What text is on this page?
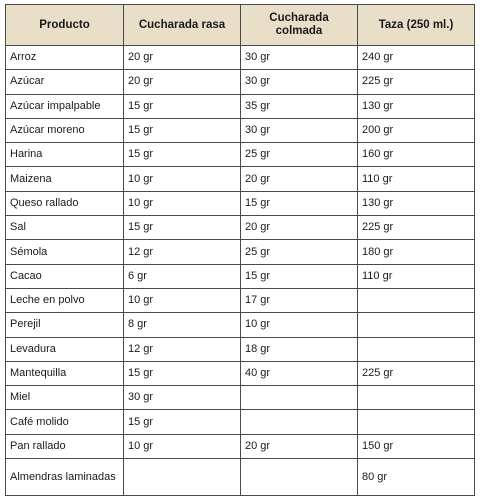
Producto	Cucharada rasa	Cucharada colmada	Taza (250 ml.)
Arroz	20 gr	30 gr	240 gr
Azúcar	20 gr	30 gr	225 gr
Azúcar impalpable	15 gr	35 gr	130 gr
Azúcar moreno	15 gr	30 gr	200 gr
Harina	15 gr	25 gr	160 gr
Maizena	10 gr	20 gr	110 gr
Queso rallado	10 gr	15 gr	130 gr
Sal	15 gr	20 gr	225 gr
Sémola	12 gr	25 gr	180 gr
Cacao	6 gr	15 gr	110 gr
Leche en polvo	10 gr	17 gr	
Perejil	8 gr	10 gr	
Levadura	12 gr	18 gr	
Mantequilla	15 gr	40 gr	225 gr
Miel	30 gr		
Café molido	15 gr		
Pan rallado	10 gr	20 gr	150 gr
Almendras laminadas			80 gr
